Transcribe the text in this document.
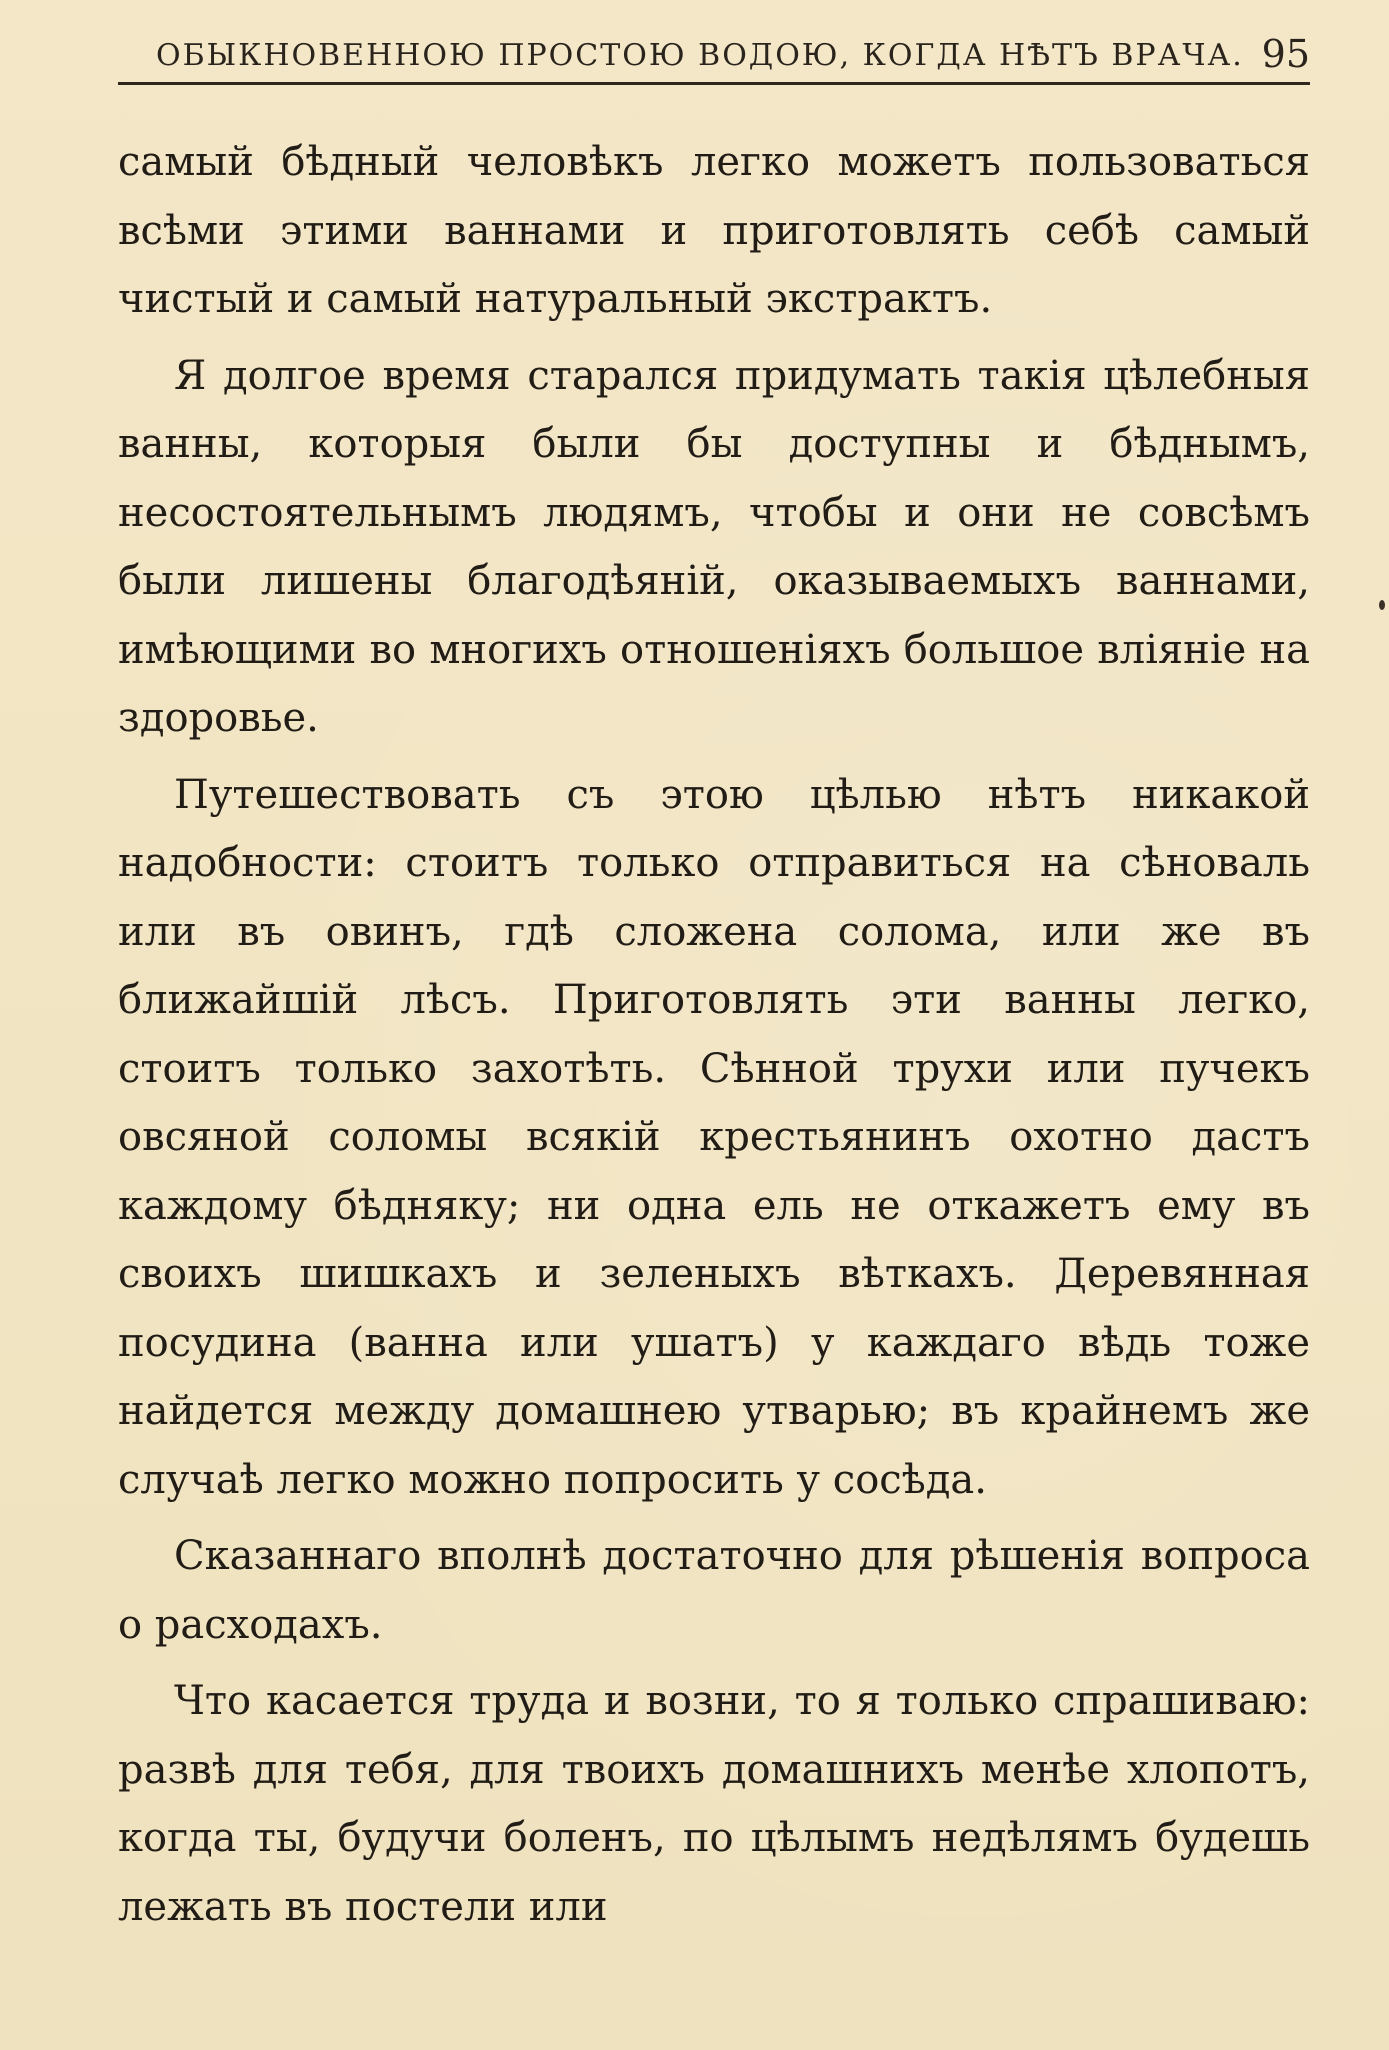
ОБЫКНОВЕННОЮ ПРОСТОЮ ВОДОЮ, КОГДА НѢТЪ ВРАЧА. 95

самый бѣдный человѣкъ легко можетъ пользоваться всѣми этими ваннами и приготовлять себѣ самый чистый и самый натуральный экстрактъ.

Я долгое время старался придумать такія цѣлебныя ванны, которыя были бы доступны и бѣднымъ, несостоятельнымъ людямъ, чтобы и они не совсѣмъ были лишены благодѣяній, оказываемыхъ ваннами, имѣющими во многихъ отношеніяхъ большое вліяніе на здоровье.

Путешествовать съ этою цѣлью нѣтъ никакой надобности: стоитъ только отправиться на сѣноваль или въ овинъ, гдѣ сложена солома, или же въ ближайшій лѣсъ. Приготовлять эти ванны легко, стоитъ только захотѣть. Сѣнной трухи или пучекъ овсяной соломы всякій крестьянинъ охотно дастъ каждому бѣдняку; ни одна ель не откажетъ ему въ своихъ шишкахъ и зеленыхъ вѣткахъ. Деревянная посудина (ванна или ушатъ) у каждаго вѣдь тоже найдется между домашнею утварью; въ крайнемъ же случаѣ легко можно попросить у сосѣда.

Сказаннаго вполнѣ достаточно для рѣшенія вопроса о расходахъ.

Что касается труда и возни, то я только спрашиваю: развѣ для тебя, для твоихъ домашнихъ менѣе хлопотъ, когда ты, будучи боленъ, по цѣлымъ недѣлямъ будешь лежать въ постели или
